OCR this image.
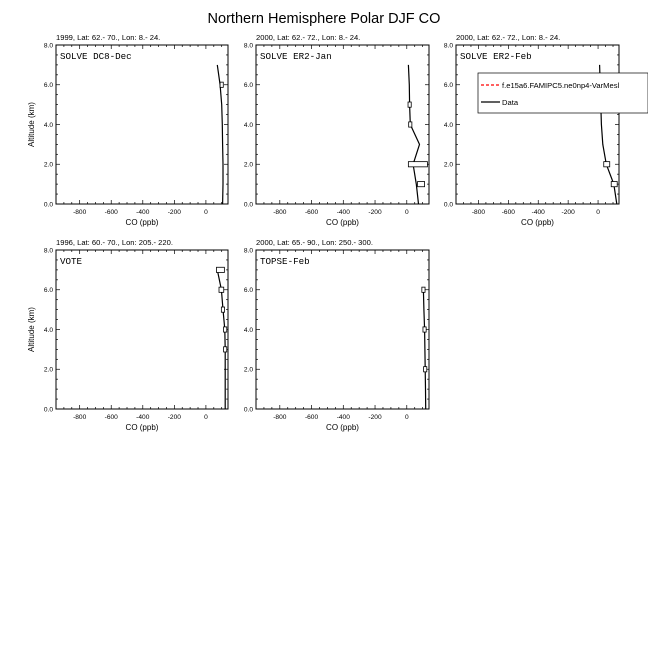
Northern Hemisphere Polar DJF CO
1999, Lat: 62.- 70., Lon: 8.- 24.
SOLVE DC8-Dec
-800	-600	-400	-200	0
0.0
2.0
4.0
6.0
8.0
CO (ppb)
Altitude (km)
2000, Lat: 62.- 72., Lon: 8.- 24.
SOLVE ER2-Jan
-800	-600	-400	-200	0
0.0
2.0
4.0
6.0
8.0
CO (ppb)
2000, Lat: 62.- 72., Lon: 8.- 24.
SOLVE ER2-Feb
-800	-600	-400	-200	0
0.0
2.0
4.0
6.0
8.0
CO (ppb)
1996, Lat: 60.- 70., Lon: 205.- 220.
VOTE
-800	-600	-400	-200	0
0.0
2.0
4.0
6.0
8.0
CO (ppb)
Altitude (km)
2000, Lat: 65.- 90., Lon: 250.- 300.
TOPSE-Feb
-800	-600	-400	-200	0
0.0
2.0
4.0
6.0
8.0
CO (ppb)
f.e15a6.FAMIPC5.ne0np4-VarMesl
Data
